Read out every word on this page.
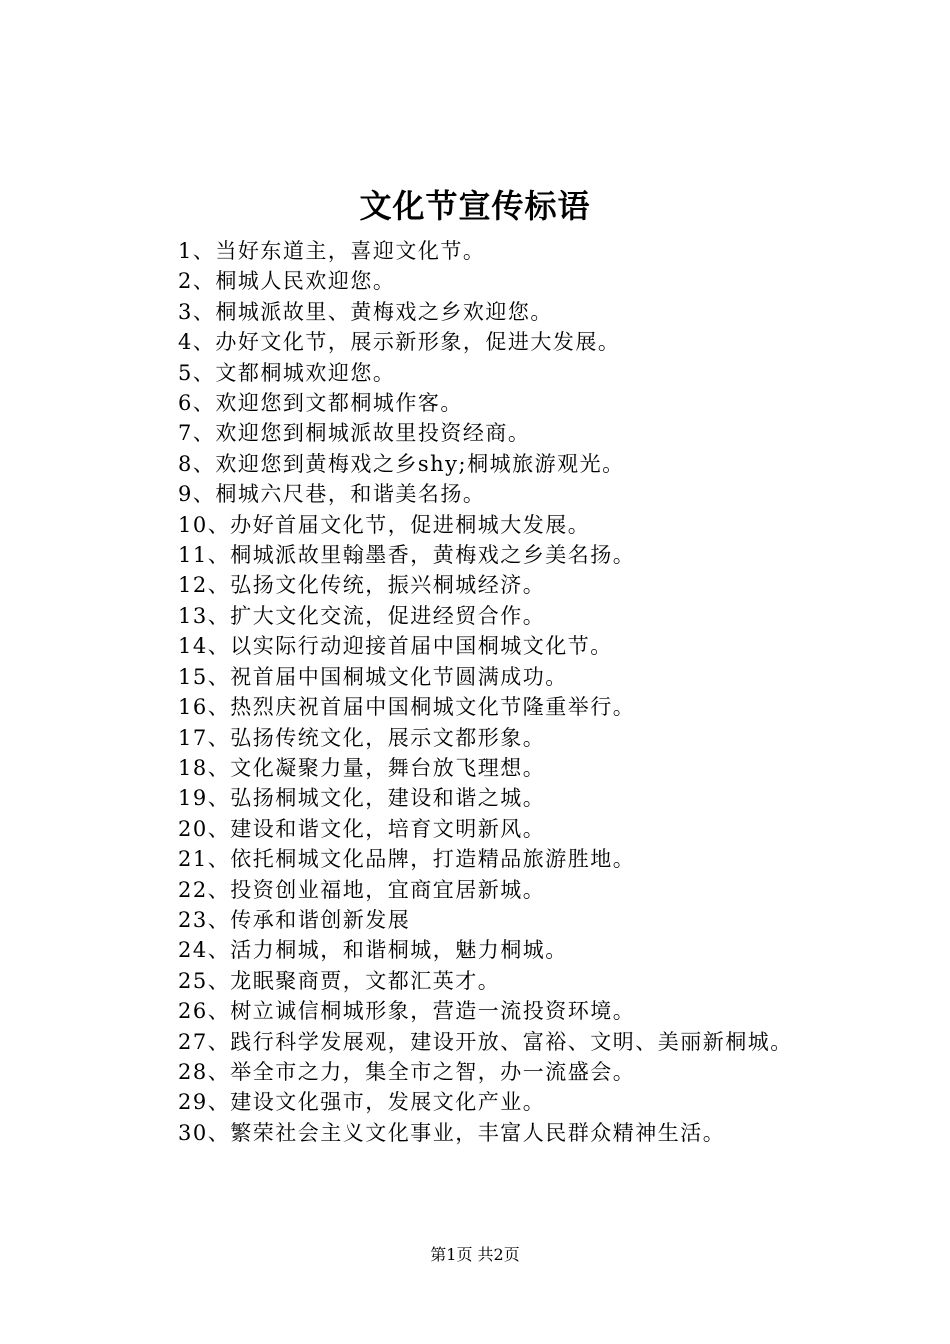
文化节宣传标语
1、当好东道主，喜迎文化节。
2、桐城人民欢迎您。
3、桐城派故里、黄梅戏之乡欢迎您。
4、办好文化节，展示新形象，促进大发展。
5、文都桐城欢迎您。
6、欢迎您到文都桐城作客。
7、欢迎您到桐城派故里投资经商。
8、欢迎您到黄梅戏之乡shy;桐城旅游观光。
9、桐城六尺巷，和谐美名扬。
10、办好首届文化节，促进桐城大发展。
11、桐城派故里翰墨香，黄梅戏之乡美名扬。
12、弘扬文化传统，振兴桐城经济。
13、扩大文化交流，促进经贸合作。
14、以实际行动迎接首届中国桐城文化节。
15、祝首届中国桐城文化节圆满成功。
16、热烈庆祝首届中国桐城文化节隆重举行。
17、弘扬传统文化，展示文都形象。
18、文化凝聚力量，舞台放飞理想。
19、弘扬桐城文化，建设和谐之城。
20、建设和谐文化，培育文明新风。
21、依托桐城文化品牌，打造精品旅游胜地。
22、投资创业福地，宜商宜居新城。
23、传承和谐创新发展
24、活力桐城，和谐桐城，魅力桐城。
25、龙眠聚商贾，文都汇英才。
26、树立诚信桐城形象，营造一流投资环境。
27、践行科学发展观，建设开放、富裕、文明、美丽新桐城。
28、举全市之力，集全市之智，办一流盛会。
29、建设文化强市，发展文化产业。
30、繁荣社会主义文化事业，丰富人民群众精神生活。
第1页 共2页
